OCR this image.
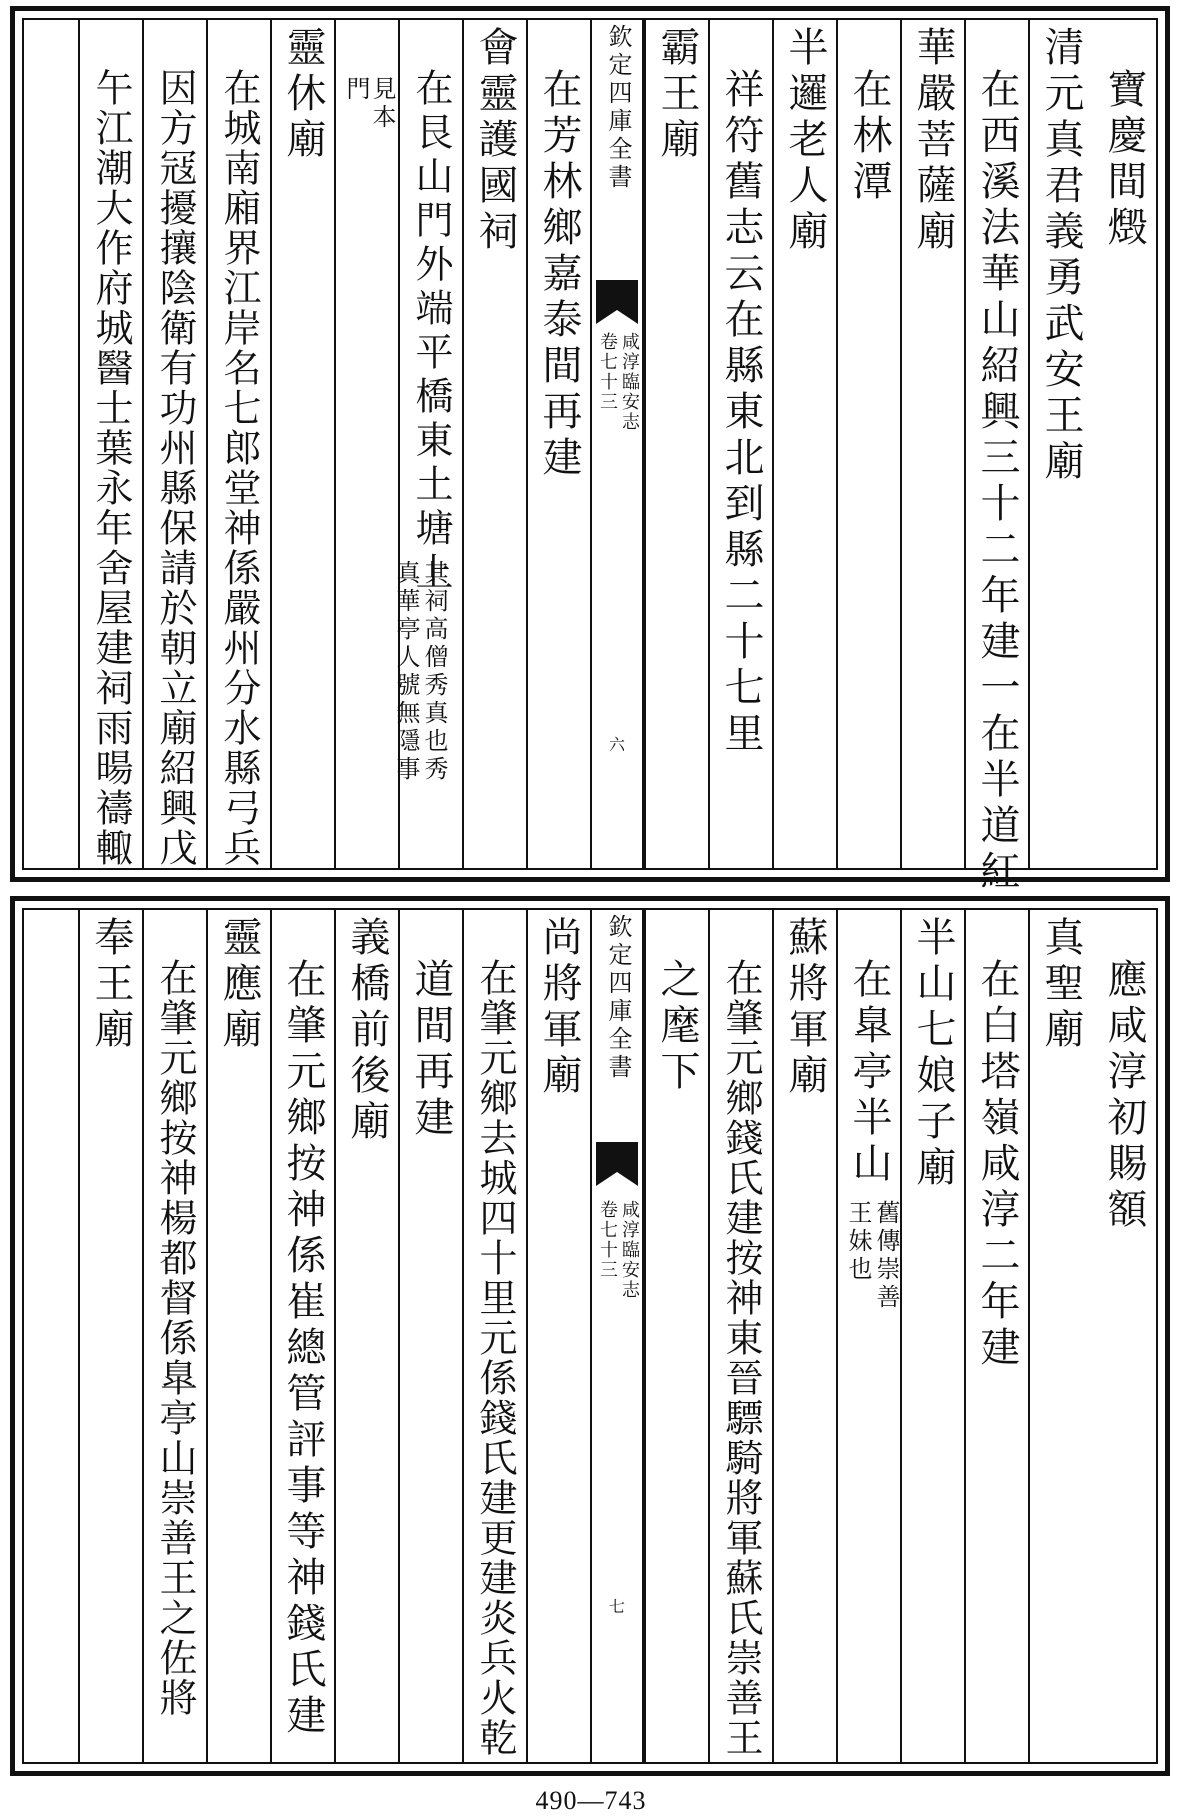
寶慶間燬
清元真君義勇武安王廟
在西溪法華山紹興三十二年建一在半道紅
華嚴菩薩廟
在林潭
半邏老人廟
祥符舊志云在縣東北到縣二十七里
霸王廟
欽定四庫全書
咸淳臨安志
卷七十三
六
在芳林鄉嘉泰間再建
會靈護國祠
在艮山門外端平橋東土塘上
其祠高僧秀真也秀
真華亭人號無隱事
見本
門
靈休廟
在城南廂界江岸名七郎堂神係嚴州分水縣弓兵
因方冦擾攘陰衛有功州縣保請於朝立廟紹興戊
午江潮大作府城醫士葉永年舍屋建祠雨暘禱輙
應咸淳初賜額
真聖廟
在白塔嶺咸淳二年建
半山七娘子廟
在臯亭半山
舊傳崇善
王妹也
蘇將軍廟
在肇元鄉錢氏建按神東晉驃騎將軍蘇氏崇善王
之麾下
欽定四庫全書
咸淳臨安志
卷七十三
七
尚將軍廟
在肇元鄉去城四十里元係錢氏建更建炎兵火乾
道間再建
義橋前後廟
在肇元鄉按神係崔總管評事等神錢氏建
靈應廟
在肇元鄉按神楊都督係臯亭山崇善王之佐將
奉王廟
490—743
